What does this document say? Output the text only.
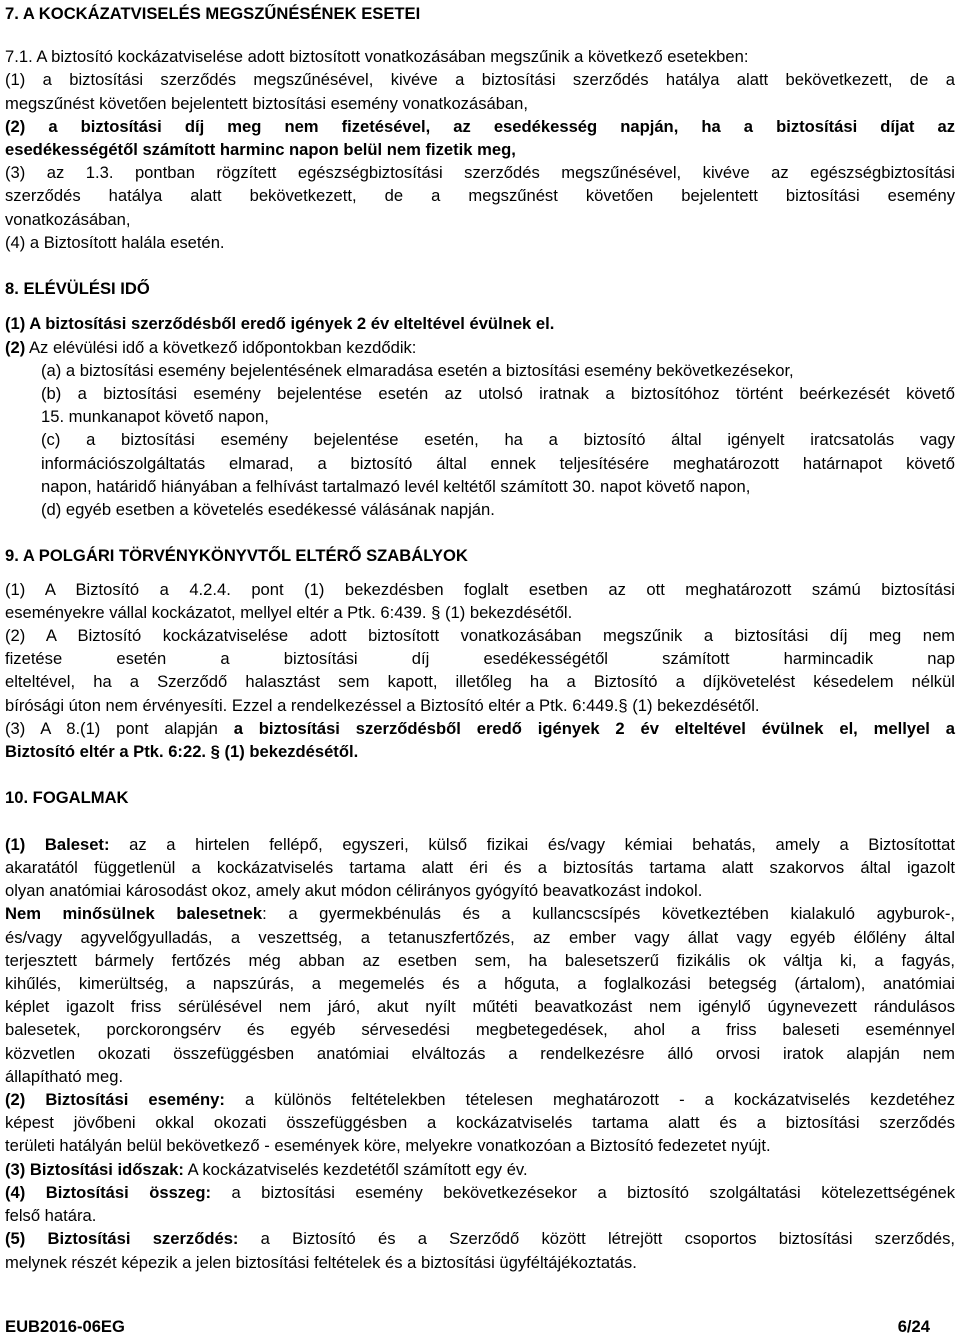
7. A KOCKÁZATVISELÉS MEGSZŰNÉSÉNEK ESETEI
7.1. A biztosító kockázatviselése adott biztosított vonatkozásában megszűnik a következő esetekben:
(1) a biztosítási szerződés megszűnésével, kivéve a biztosítási szerződés hatálya alatt bekövetkezett, de a
megszűnést követően bejelentett biztosítási esemény vonatkozásában,
(2) a biztosítási díj meg nem fizetésével, az esedékesség napján, ha a biztosítási díjat az
esedékességétől számított harminc napon belül nem fizetik meg,
(3) az 1.3. pontban rögzített egészségbiztosítási szerződés megszűnésével, kivéve az egészségbiztosítási
szerződés hatálya alatt bekövetkezett, de a megszűnést követően bejelentett biztosítási esemény
vonatkozásában,
(4) a Biztosított halála esetén.
8. ELÉVÜLÉSI IDŐ
(1) A biztosítási szerződésből eredő igények 2 év elteltével évülnek el.
(2) Az elévülési idő a következő időpontokban kezdődik:
(a) a biztosítási esemény bejelentésének elmaradása esetén a biztosítási esemény bekövetkezésekor,
(b) a biztosítási esemény bejelentése esetén az utolsó iratnak a biztosítóhoz történt beérkezését követő
15. munkanapot követő napon,
(c) a biztosítási esemény bejelentése esetén, ha a biztosító által igényelt iratcsatolás vagy
információszolgáltatás elmarad, a biztosító által ennek teljesítésére meghatározott határnapot követő
napon, határidő hiányában a felhívást tartalmazó levél keltétől számított 30. napot követő napon,
(d) egyéb esetben a követelés esedékessé válásának napján.
9. A POLGÁRI TÖRVÉNYKÖNYVTŐL ELTÉRŐ SZABÁLYOK
(1) A Biztosító a 4.2.4. pont (1) bekezdésben foglalt esetben az ott meghatározott számú biztosítási
eseményekre vállal kockázatot, mellyel eltér a Ptk. 6:439. § (1) bekezdésétől.
(2) A Biztosító kockázatviselése adott biztosított vonatkozásában megszűnik a biztosítási díj meg nem
fizetése esetén a biztosítási díj esedékességétől számított harmincadik nap
elteltével, ha a Szerződő halasztást sem kapott, illetőleg ha a Biztosító a díjkövetelést késedelem nélkül
bírósági úton nem érvényesíti. Ezzel a rendelkezéssel a Biztosító eltér a Ptk. 6:449.§ (1) bekezdésétől.
(3) A 8.(1) pont alapján a biztosítási szerződésből eredő igények 2 év elteltével évülnek el, mellyel a
Biztosító eltér a Ptk. 6:22. § (1) bekezdésétől.
10. FOGALMAK
(1) Baleset: az a hirtelen fellépő, egyszeri, külső fizikai és/vagy kémiai behatás, amely a Biztosítottat
akaratától függetlenül a kockázatviselés tartama alatt éri és a biztosítás tartama alatt szakorvos által igazolt
olyan anatómiai károsodást okoz, amely akut módon célirányos gyógyító beavatkozást indokol.
Nem minősülnek balesetnek: a gyermekbénulás és a kullancscsípés következtében kialakuló agyburok-,
és/vagy agyvelőgyulladás, a veszettség, a tetanuszfertőzés, az ember vagy állat vagy egyéb élőlény által
terjesztett bármely fertőzés még abban az esetben sem, ha balesetszerű fizikális ok váltja ki, a fagyás,
kihűlés, kimerültség, a napszúrás, a megemelés és a hőguta, a foglalkozási betegség (ártalom), anatómiai
képlet igazolt friss sérülésével nem járó, akut nyílt műtéti beavatkozást nem igénylő úgynevezett rándulásos
balesetek, porckorongsérv és egyéb sérvesedési megbetegedések, ahol a friss baleseti eseménnyel
közvetlen okozati összefüggésben anatómiai elváltozás a rendelkezésre álló orvosi iratok alapján nem
állapítható meg.
(2) Biztosítási esemény: a különös feltételekben tételesen meghatározott - a kockázatviselés kezdetéhez
képest jövőbeni okkal okozati összefüggésben a kockázatviselés tartama alatt és a biztosítási szerződés
területi hatályán belül bekövetkező - események köre, melyekre vonatkozóan a Biztosító fedezetet nyújt.
(3) Biztosítási időszak: A kockázatviselés kezdetétől számított egy év.
(4) Biztosítási összeg: a biztosítási esemény bekövetkezésekor a biztosító szolgáltatási kötelezettségének
felső határa.
(5) Biztosítási szerződés: a Biztosító és a Szerződő között létrejött csoportos biztosítási szerződés,
melynek részét képezik a jelen biztosítási feltételek és a biztosítási ügyféltájékoztatás.
EUB2016-06EG	6/24
